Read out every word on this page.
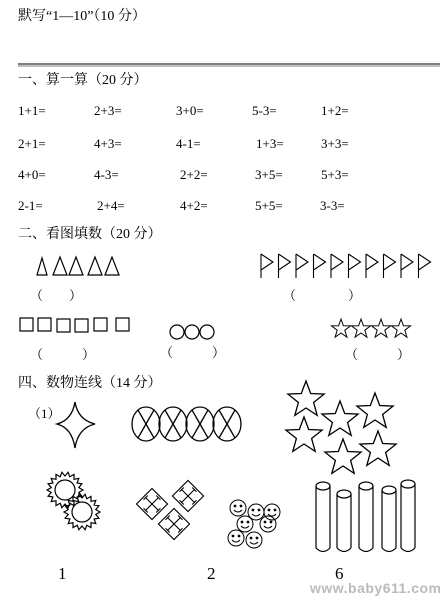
默写“1—10”（10 分）
一、算一算（20 分）
1+1=	2+3=	3+0=	5-3=	1+2=
2+1=	4+3=	4-1=	1+3=	3+3=
4+0=	4-3=	2+2=	3+5=	5+3=
2-1=	2+4=	4+2=	5+5=	3-3=
二、看图填数（20 分）
（　　）	（　　　　）
（　　　）	（　　　）	（　　　）
四、数物连线（14 分）
（1）
1	2	6
www.baby611.com
